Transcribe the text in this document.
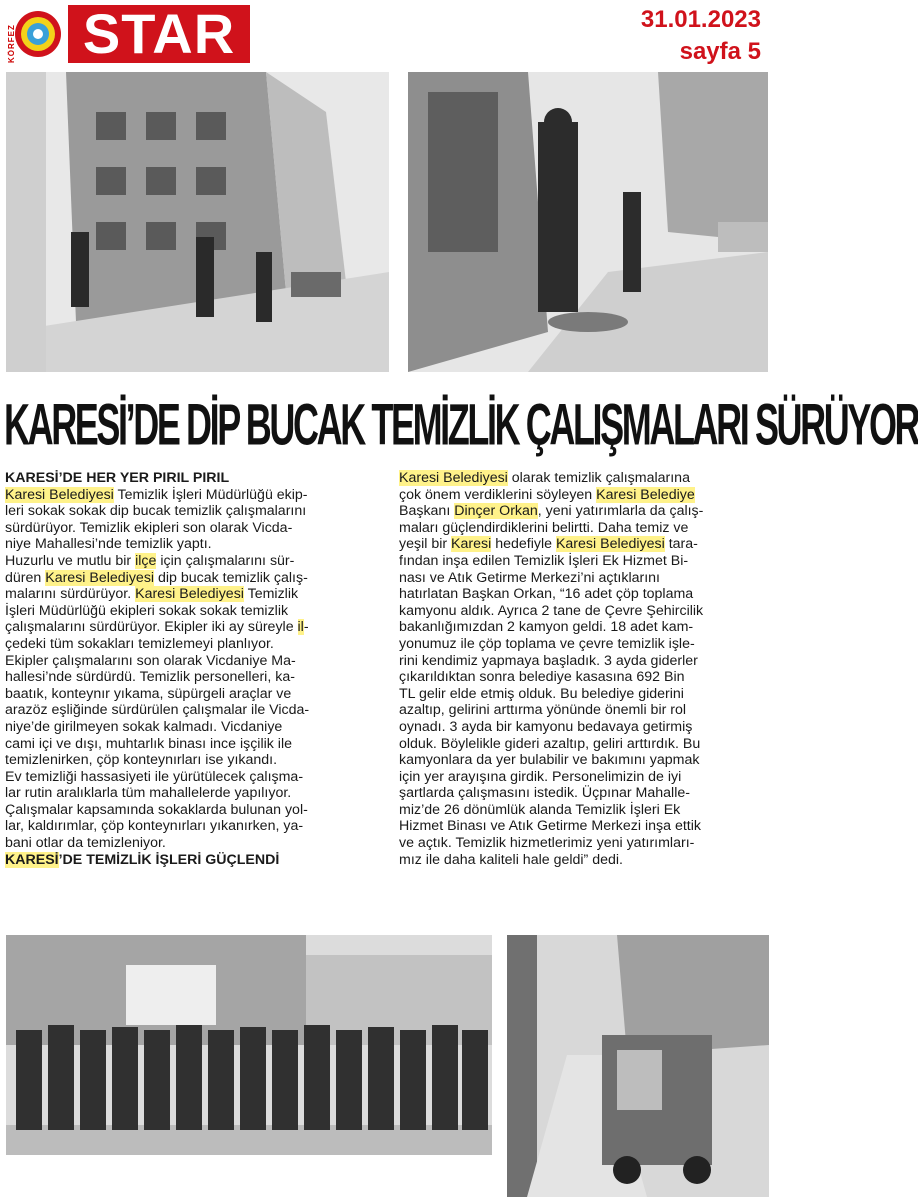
KÖRFEZ STAR	31.01.2023
sayfa 5
KARESİ’DE DİP BUCAK TEMİZLİK ÇALIŞMALARI SÜRÜYOR

KARESİ’DE HER YER PIRIL PIRIL

Karesi Belediyesi Temizlik İşleri Müdürlüğü ekip-
leri sokak sokak dip bucak temizlik çalışmalarını
sürdürüyor. Temizlik ekipleri son olarak Vicda-
niye Mahallesi’nde temizlik yaptı.
Huzurlu ve mutlu bir ilçe için çalışmalarını sür-
düren Karesi Belediyesi dip bucak temizlik çalış-
malarını sürdürüyor. Karesi Belediyesi Temizlik
İşleri Müdürlüğü ekipleri sokak sokak temizlik
çalışmalarını sürdürüyor. Ekipler iki ay süreyle il-
çedeki tüm sokakları temizlemeyi planlıyor.
Ekipler çalışmalarını son olarak Vicdaniye Ma-
hallesi’nde sürdürdü. Temizlik personelleri, ka-
baatık, konteynır yıkama, süpürgeli araçlar ve
arazöz eşliğinde sürdürülen çalışmalar ile Vicda-
niye’de girilmeyen sokak kalmadı. Vicdaniye
cami içi ve dışı, muhtarlık binası ince işçilik ile
temizlenirken, çöp konteynırları ise yıkandı.
Ev temizliği hassasiyeti ile yürütülecek çalışma-
lar rutin aralıklarla tüm mahallelerde yapılıyor.
Çalışmalar kapsamında sokaklarda bulunan yol-
lar, kaldırımlar, çöp konteynırları yıkanırken, ya-
bani otlar da temizleniyor.

KARESİ’DE TEMİZLİK İŞLERİ GÜÇLENDİ

Karesi Belediyesi olarak temizlik çalışmalarına
çok önem verdiklerini söyleyen Karesi Belediye
Başkanı Dinçer Orkan, yeni yatırımlarla da çalış-
maları güçlendirdiklerini belirtti. Daha temiz ve
yeşil bir Karesi hedefiyle Karesi Belediyesi tara-
fından inşa edilen Temizlik İşleri Ek Hizmet Bi-
nası ve Atık Getirme Merkezi’ni açtıklarını
hatırlatan Başkan Orkan, “16 adet çöp toplama
kamyonu aldık. Ayrıca 2 tane de Çevre Şehircilik
bakanlığımızdan 2 kamyon geldi. 18 adet kam-
yonumuz ile çöp toplama ve çevre temizlik işle-
rini kendimiz yapmaya başladık. 3 ayda giderler
çıkarıldıktan sonra belediye kasasına 692 Bin
TL gelir elde etmiş olduk. Bu belediye giderini
azaltıp, gelirini arttırma yönünde önemli bir rol
oynadı. 3 ayda bir kamyonu bedavaya getirmiş
olduk. Böylelikle gideri azaltıp, geliri arttırdık. Bu
kamyonlara da yer bulabilir ve bakımını yapmak
için yer arayışına girdik. Personelimizin de iyi
şartlarda çalışmasını istedik. Üçpınar Mahalle-
miz’de 26 dönümlük alanda Temizlik İşleri Ek
Hizmet Binası ve Atık Getirme Merkezi inşa ettik
ve açtık. Temizlik hizmetlerimiz yeni yatırımları-
mız ile daha kaliteli hale geldi” dedi.
